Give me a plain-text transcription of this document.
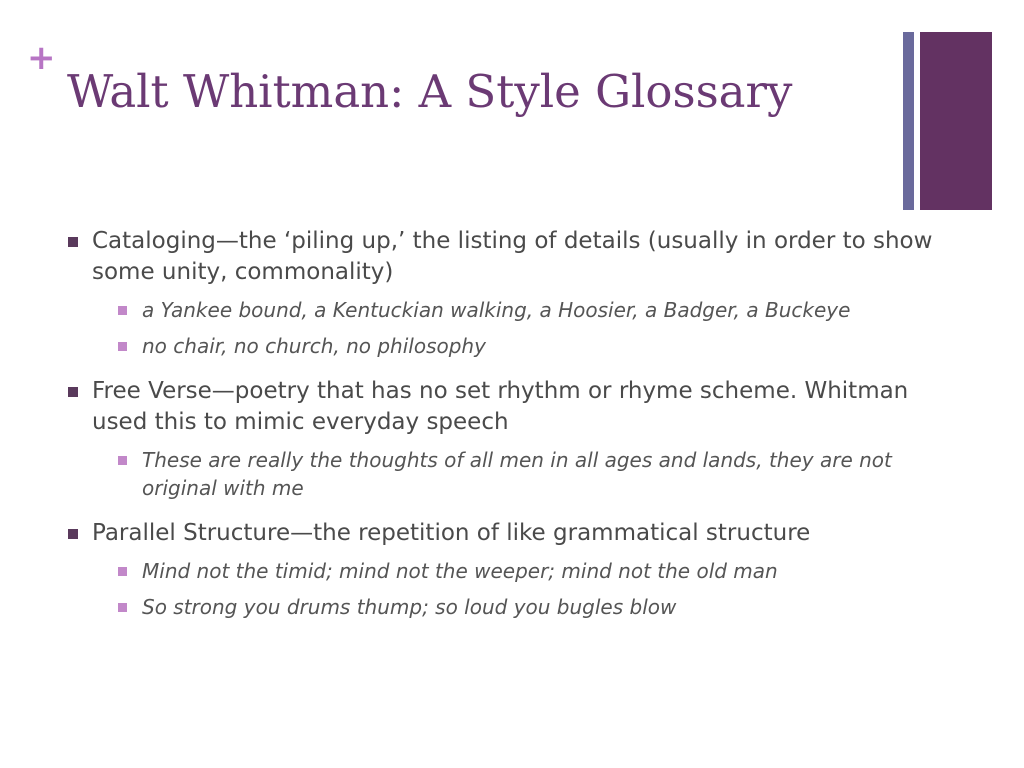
+
Walt Whitman: A Style Glossary
Cataloging—the ‘piling up,’ the listing of details (usually in order to show some unity, commonality)
a Yankee bound, a Kentuckian walking, a Hoosier, a Badger, a Buckeye
no chair, no church, no philosophy
Free Verse—poetry that has no set rhythm or rhyme scheme. Whitman used this to mimic everyday speech
These are really the thoughts of all men in all ages and lands, they are not original with me
Parallel Structure—the repetition of like grammatical structure
Mind not the timid; mind not the weeper; mind not the old man
So strong you drums thump; so loud you bugles blow
